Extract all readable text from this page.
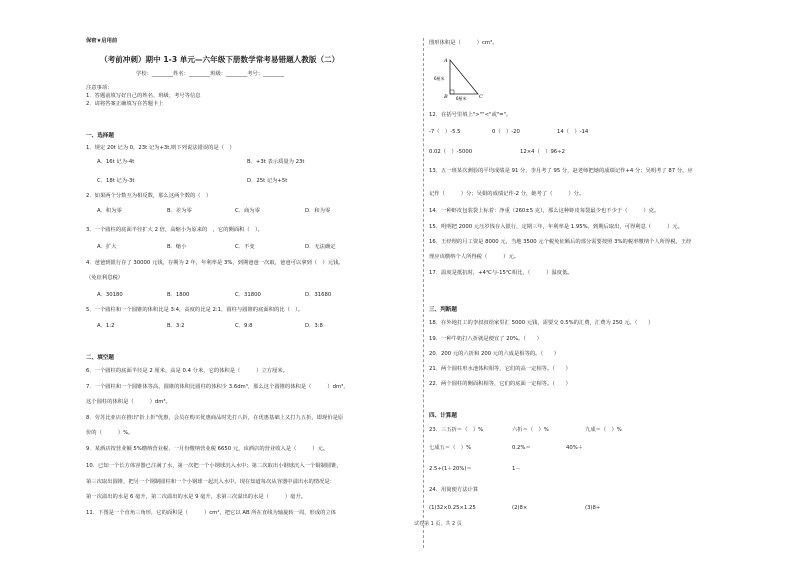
保密★启用前
（考前冲刺）期中 1-3 单元—六年级下册数学常考易错题人教版（二）
学校：________姓名：________班级：________考号：________
注意事项：
1．答题前填写好自己的姓名、班级、考号等信息
2．请将答案正确填写在答题卡上
一、选择题
1．规定 20t 记为 0，23t 记为+3t,则下列说法错误的是（　）
A．16t 记为-4t	B．+3t 表示质量为 23t
C．18t 记为-3t	D．25t 记为+5t
2．如果两个分数互为相反数，那么这两个数的（　）
A．积为零	B．差为零	C．商为零	D．和为零
3．一个圆柱的底面半径扩大 2 倍，高缩小为原来的　，它的侧面积（　）。
A．扩大	B．缩小	C．不变	D．无法确定
4．爸爸到银行存了 30000 元钱，存期为 2 年，年利率是 3%，到期爸爸一次取，爸爸可以拿到（　）元钱。
（免征利息税）
A．30180	B．1800	C．31800	D．31680
5．一个圆柱和一个圆锥的体积比是 3:4，高度的比是 2:1，圆柱与圆锥的底面积的比（　）。
A．1:2	B．3:2	C．9:8	D．3:8
二、填空题
6．一个圆柱的底面半径是 2 厘米，高是 0.4 分米，它的体积是（　　　）立方厘米。
7．一个圆柱和一个圆锥体等高，圆锥的体积比圆柱的体积少 3.6dm³，那么这个圆锥的体积是（　　　）dm³，
这个圆柱的体积是（　　　）dm³。
8．劳苏比亚店在推出"折上折"优惠，会员在购买优惠商品时先打八折，在优惠基础上又打九五折，即现价是原
价的（　　　）%。
9．某酒店按营业额 5%缴纳营业税，一月份缴纳营业税 6650 元，该酒店的营业收入是（　　　）元。
10．已知一个长方体容器已注满了水，第一次把一个小钢球沉入水中；第二次取出小钢球沉入一个铜制圆锥，
第三次取出圆锥，把另一个钢制圆柱和一个小钢球一起沉入水中。现在知道每次从容器中溢出水的情况是：
第一次溢出的水是 6 毫升，第二次溢出的水是 9 毫升，求第三次溢出的水是（　　　）毫升。
11．下图是一个直角三角形，它的面积是（　　　）cm²，把它以 AB 所在直线为轴旋转一周，形成的立体
图形体积是（　　　）cm³。
A
B	C
6厘米
6厘米
12．在括号里填上">""<"或"="。
-7（　）-5.5	0（　）-20	14（　）-14
0.02（　）-5000	12×4（　）96÷2
13．五一班某次测验的平均成绩是 91 分，李月考了 95 分，赵老师把她的成绩记作+4 分；吴明考了 87 分，应
记作（　　　）分；吴娟的成绩记作-2 分，她考了（　　　）分。
14．一种虾皮包装袋上标着：净重（260±5 克），那么这种虾皮每袋最少也不少于（　　　）克。
15．明明把 2000 元压岁钱存入银行，定期三年，年利率是 1.95%，到期后取出，可得利息（　　　）元。
16．王经理的月工资是 8000 元，当地 3500 元个税免征额后的部分需要按照 3%的税率缴纳个人所得税，王经
理应该缴纳个人所得税（　　　）元。
17．温度是抵抗时，+4℃与-15℃相比，（　　　）温度低。
三、判断题
18．在外地打工的李叔叔给家里汇 5000 元钱，需要交 0.5%的汇费，汇费为 250 元。（　　）
19．一种牛奶打八折就是便宜了 20%。（　　）
20．200 元的六折和 200 元的六成是相等的。（　　）
21．两个圆柱形水池体积相等，它们的高一定相等。（　　）
22．两个圆柱的侧面积相等，它们的底面一定相等。（　　）
四、计算题
23．三五折＝（　）%	六折＝（　）%	九成＝（　）%
七成五＝（　）%	0.2%＝	40%＋
2.5÷(1＋20%)＝	1－
24．用简便方法计算
(1)32×0.25×1.25	(2)8×	(3)8÷
试卷第 1 页，共 2 页
